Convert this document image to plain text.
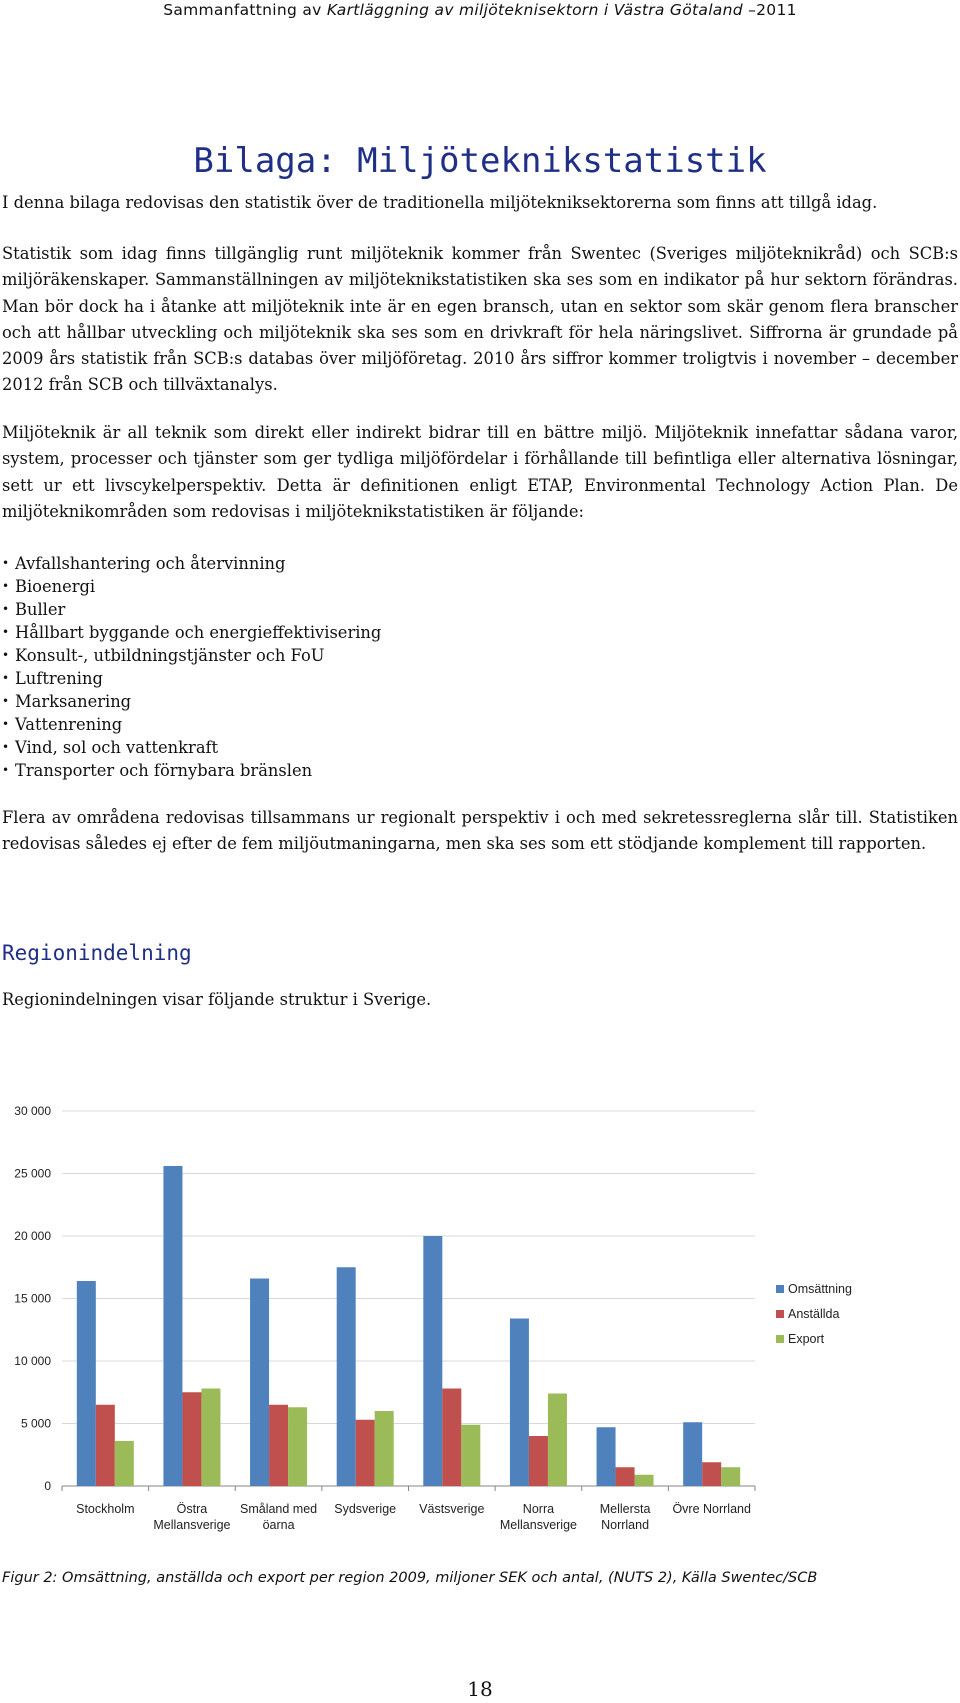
Sammanfattning av Kartläggning av miljöteknisektorn i Västra Götaland –2011
Bilaga: Miljöteknikstatistik
I denna bilaga redovisas den statistik över de traditionella miljötekniksektorerna som finns att tillgå idag.
Statistik som idag finns tillgänglig runt miljöteknik kommer från Swentec (Sveriges miljöteknikråd) och SCB:s miljöräkenskaper. Sammanställningen av miljöteknikstatistiken ska ses som en indikator på hur sektorn förändras. Man bör dock ha i åtanke att miljöteknik inte är en egen bransch, utan en sektor som skär genom flera branscher och att hållbar utveckling och miljöteknik ska ses som en drivkraft för hela näringslivet. Siffrorna är grundade på 2009 års statistik från SCB:s databas över miljöföretag. 2010 års siffror kommer troligtvis i november – december 2012 från SCB och tillväxtanalys.
Miljöteknik är all teknik som direkt eller indirekt bidrar till en bättre miljö. Miljöteknik innefattar sådana varor, system, processer och tjänster som ger tydliga miljöfördelar i förhållande till befintliga eller alternativa lösningar, sett ur ett livscykelperspektiv. Detta är definitionen enligt ETAP, Environmental Technology Action Plan. De miljöteknikområden som redovisas i miljöteknikstatistiken är följande:
• Avfallshantering och återvinning
• Bioenergi
• Buller
• Hållbart byggande och energieffektivisering
• Konsult-, utbildningstjänster och FoU
• Luftrening
• Marksanering
• Vattenrening
• Vind, sol och vattenkraft
• Transporter och förnybara bränslen
Flera av områdena redovisas tillsammans ur regionalt perspektiv i och med sekretessreglerna slår till. Statistiken redovisas således ej efter de fem miljöutmaningarna, men ska ses som ett stödjande komplement till rapporten.
Regionindelning
Regionindelningen visar följande struktur i Sverige.
0
5 000
10 000
15 000
20 000
25 000
30 000
Stockholm	Östra
Mellansverige
Småland med
öarna
Sydsverige Västsverige	Norra
Mellansverige
Mellersta
Norrland
Övre Norrland
Omsättning
Anställda
Export
Figur 2: Omsättning, anställda och export per region 2009, miljoner SEK och antal, (NUTS 2), Källa Swentec/SCB
18
